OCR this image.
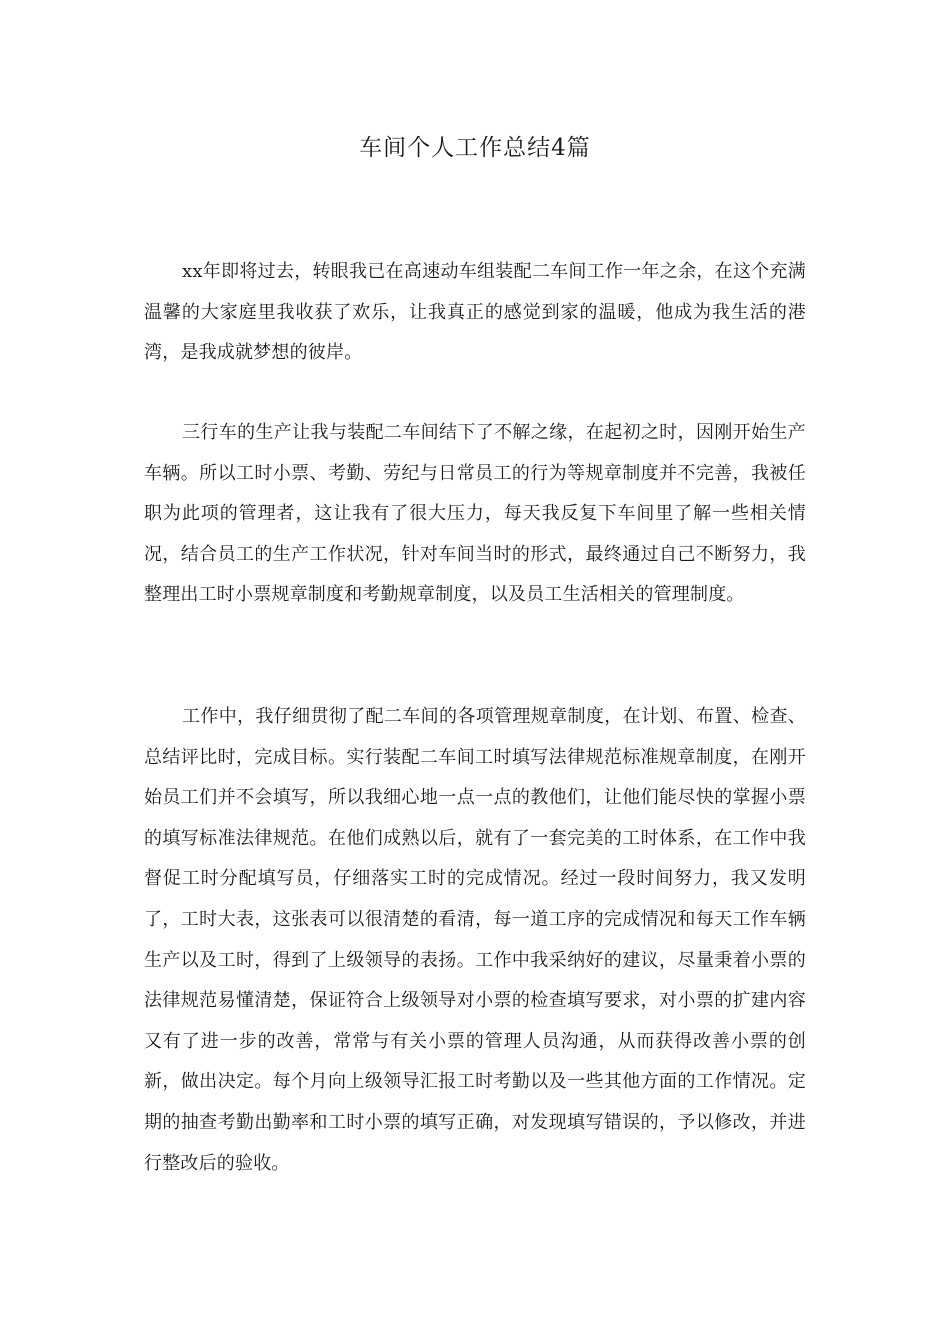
车间个人工作总结4篇

xx年即将过去，转眼我已在高速动车组装配二车间工作一年之余，在这个充满温馨的大家庭里我收获了欢乐，让我真正的感觉到家的温暖，他成为我生活的港湾，是我成就梦想的彼岸。

三行车的生产让我与装配二车间结下了不解之缘，在起初之时，因刚开始生产车辆。所以工时小票、考勤、劳纪与日常员工的行为等规章制度并不完善，我被任职为此项的管理者，这让我有了很大压力，每天我反复下车间里了解一些相关情况，结合员工的生产工作状况，针对车间当时的形式，最终通过自己不断努力，我整理出工时小票规章制度和考勤规章制度，以及员工生活相关的管理制度。

工作中，我仔细贯彻了配二车间的各项管理规章制度，在计划、布置、检查、总结评比时，完成目标。实行装配二车间工时填写法律规范标准规章制度，在刚开始员工们并不会填写，所以我细心地一点一点的教他们，让他们能尽快的掌握小票的填写标准法律规范。在他们成熟以后，就有了一套完美的工时体系，在工作中我督促工时分配填写员，仔细落实工时的完成情况。经过一段时间努力，我又发明了，工时大表，这张表可以很清楚的看清，每一道工序的完成情况和每天工作车辆生产以及工时，得到了上级领导的表扬。工作中我采纳好的建议，尽量秉着小票的法律规范易懂清楚，保证符合上级领导对小票的检查填写要求，对小票的扩建内容又有了进一步的改善，常常与有关小票的管理人员沟通，从而获得改善小票的创新，做出决定。每个月向上级领导汇报工时考勤以及一些其他方面的工作情况。定期的抽查考勤出勤率和工时小票的填写正确，对发现填写错误的，予以修改，并进行整改后的验收。
